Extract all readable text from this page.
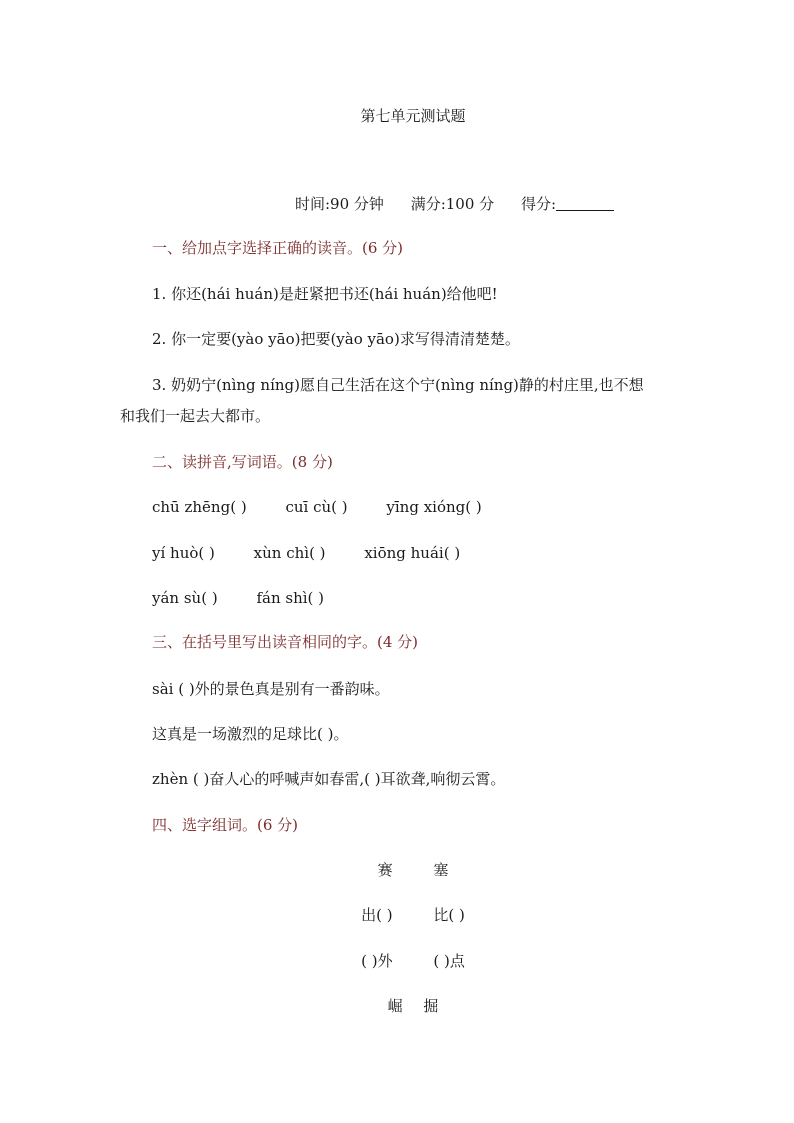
第七单元测试题
时间:90 分钟 满分:100 分 得分:
一、给加点字选择正确的读音。(6 分)
1. 你还(hái huán)是赶紧把书还(hái huán)给他吧!
2. 你一定要(yào yāo)把要(yào yāo)求写得清清楚楚。
3. 奶奶宁(nìng níng)愿自己生活在这个宁(nìng níng)静的村庄里,也不想
和我们一起去大都市。
二、读拼音,写词语。(8 分)
chū zhēng( )	cuī cù( )	yīng xióng( )
yí huò( )	xùn chì( )	xiōng huái( )
yán sù( )	fán shì( )
三、在括号里写出读音相同的字。(4 分)
sài ( )外的景色真是别有一番韵味。
这真是一场激烈的足球比( )。
zhèn ( )奋人心的呼喊声如春雷,( )耳欲聋,响彻云霄。
四、选字组词。(6 分)
赛	塞
出( )	比( )
( )外	( )点
崛 掘
